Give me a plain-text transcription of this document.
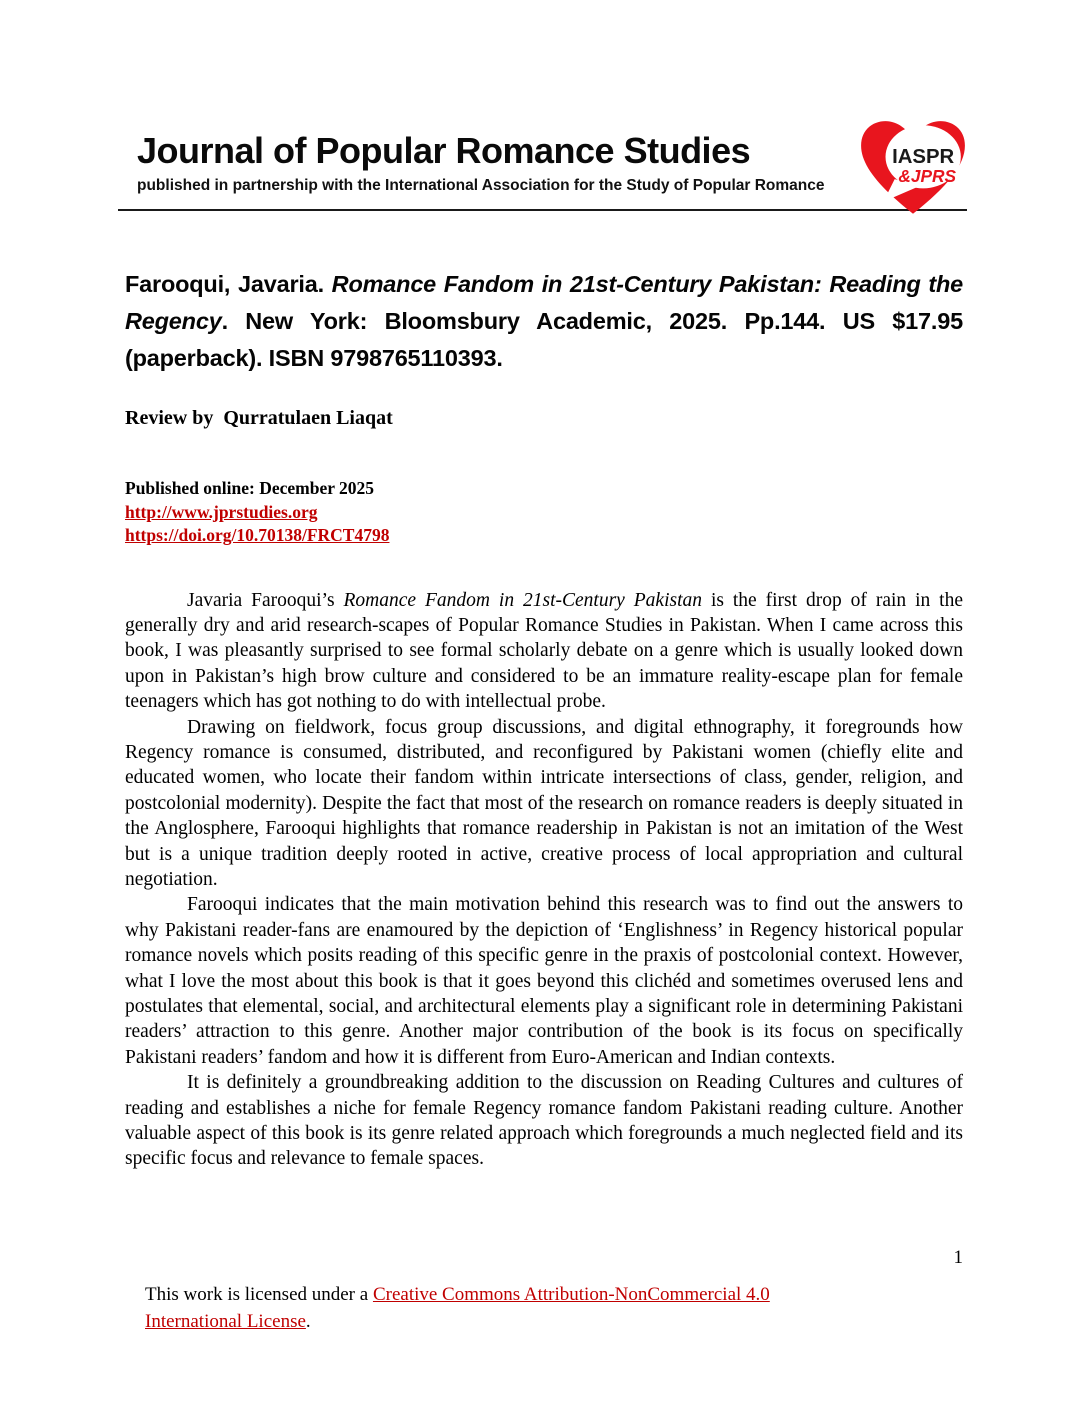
Journal of Popular Romance Studies
published in partnership with the International Association for the Study of Popular Romance
IASPR
&JPRS
Farooqui, Javaria. Romance Fandom in 21st-Century Pakistan: Reading the Regency. New York: Bloomsbury Academic, 2025. Pp.144. US $17.95 (paperback). ISBN 9798765110393.
Review by  Qurratulaen Liaqat
Published online: December 2025
http://www.jprstudies.org
https://doi.org/10.70138/FRCT4798

Javaria Farooqui’s Romance Fandom in 21st-Century Pakistan is the first drop of rain in the generally dry and arid research-scapes of Popular Romance Studies in Pakistan. When I came across this book, I was pleasantly surprised to see formal scholarly debate on a genre which is usually looked down upon in Pakistan’s high brow culture and considered to be an immature reality-escape plan for female teenagers which has got nothing to do with intellectual probe.

Drawing on fieldwork, focus group discussions, and digital ethnography, it foregrounds how Regency romance is consumed, distributed, and reconfigured by Pakistani women (chiefly elite and educated women, who locate their fandom within intricate intersections of class, gender, religion, and postcolonial modernity). Despite the fact that most of the research on romance readers is deeply situated in the Anglosphere, Farooqui highlights that romance readership in Pakistan is not an imitation of the West but is a unique tradition deeply rooted in active, creative process of local appropriation and cultural negotiation.

Farooqui indicates that the main motivation behind this research was to find out the answers to why Pakistani reader-fans are enamoured by the depiction of ‘Englishness’ in Regency historical popular romance novels which posits reading of this specific genre in the praxis of postcolonial context. However, what I love the most about this book is that it goes beyond this clichéd and sometimes overused lens and postulates that elemental, social, and architectural elements play a significant role in determining Pakistani readers’ attraction to this genre. Another major contribution of the book is its focus on specifically Pakistani readers’ fandom and how it is different from Euro-American and Indian contexts.

It is definitely a groundbreaking addition to the discussion on Reading Cultures and cultures of reading and establishes a niche for female Regency romance fandom Pakistani reading culture. Another valuable aspect of this book is its genre related approach which foregrounds a much neglected field and its specific focus and relevance to female spaces.

1
This work is licensed under a Creative Commons Attribution-NonCommercial 4.0 International License.
